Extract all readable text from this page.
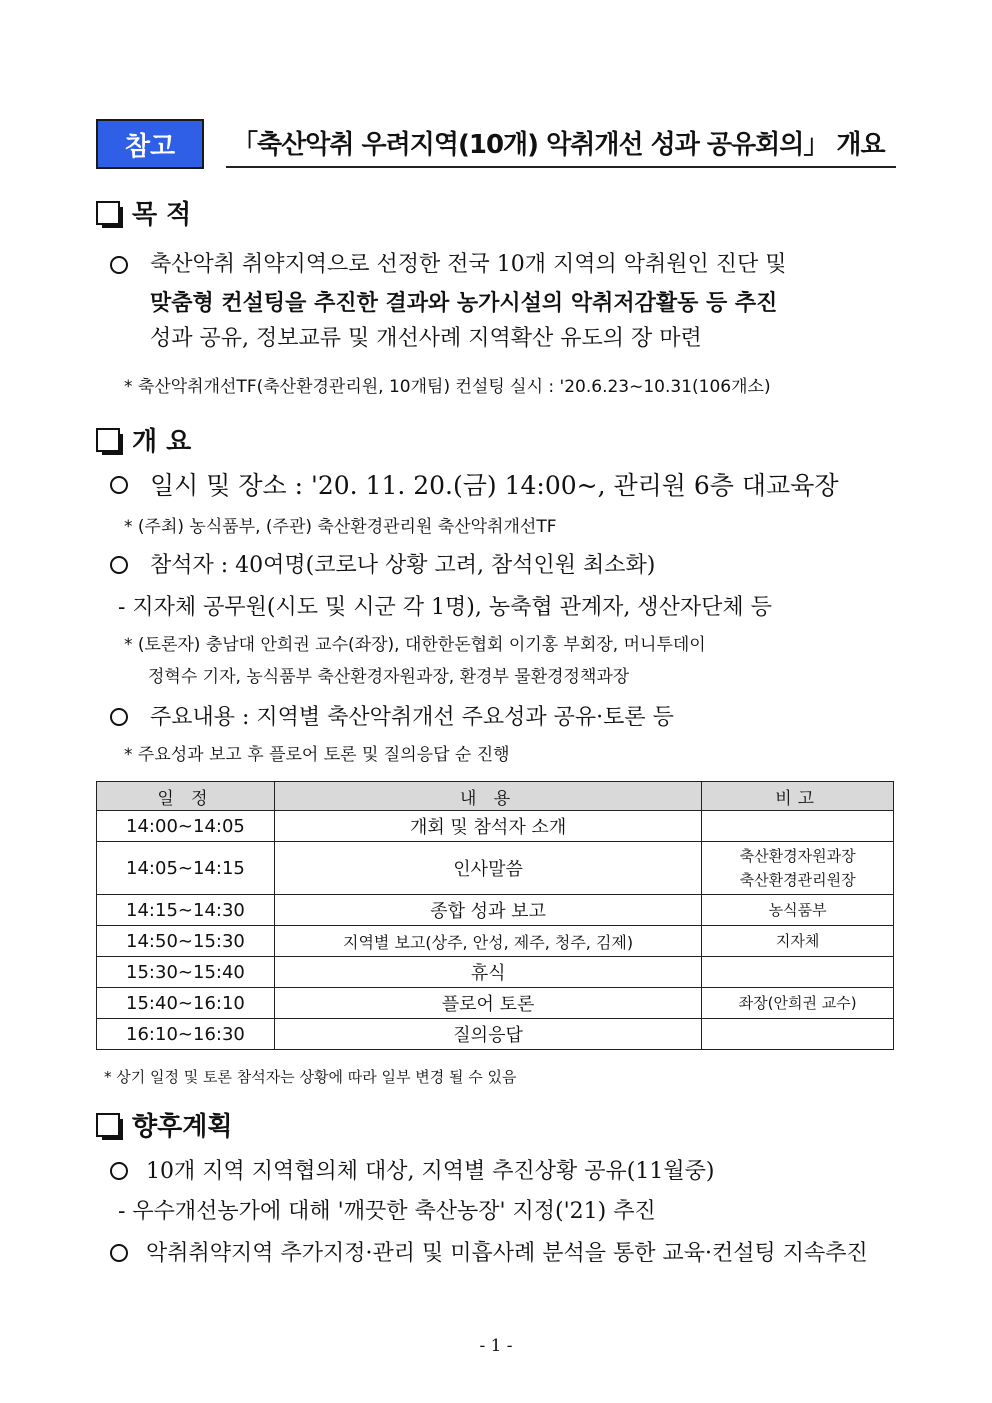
참고	「축산악취 우려지역(10개) 악취개선 성과 공유회의」 개요
목 적
축산악취 취약지역으로 선정한 전국 10개 지역의 악취원인 진단 및
맞춤형 컨설팅을 추진한 결과와 농가시설의 악취저감활동 등 추진
성과 공유, 정보교류 및 개선사례 지역확산 유도의 장 마련
* 축산악취개선TF(축산환경관리원, 10개팀) 컨설팅 실시 : '20.6.23∼10.31(106개소)
개 요
일시 및 장소 : '20. 11. 20.(금) 14:00~, 관리원 6층 대교육장
* (주최) 농식품부, (주관) 축산환경관리원 축산악취개선TF
참석자 : 40여명(코로나 상황 고려, 참석인원 최소화)
- 지자체 공무원(시도 및 시군 각 1명), 농축협 관계자, 생산자단체 등
* (토론자) 충남대 안희권 교수(좌장), 대한한돈협회 이기홍 부회장, 머니투데이
정혁수 기자, 농식품부 축산환경자원과장, 환경부 물환경정책과장
주요내용 : 지역별 축산악취개선 주요성과 공유·토론 등
* 주요성과 보고 후 플로어 토론 및 질의응답 순 진행
일 정	내 용	비고
14:00∼14:05	개회 및 참석자 소개	
14:05∼14:15	인사말씀	축산환경자원과장
축산환경관리원장
14:15∼14:30	종합 성과 보고	농식품부
14:50∼15:30	지역별 보고(상주, 안성, 제주, 청주, 김제)	지자체
15:30∼15:40	휴식	
15:40∼16:10	플로어 토론	좌장(안희권 교수)
16:10∼16:30	질의응답	
* 상기 일정 및 토론 참석자는 상황에 따라 일부 변경 될 수 있음
향후계획
10개 지역 지역협의체 대상, 지역별 추진상황 공유(11월중)
- 우수개선농가에 대해 '깨끗한 축산농장' 지정('21) 추진
악취취약지역 추가지정·관리 및 미흡사례 분석을 통한 교육·컨설팅 지속추진
- 1 -
